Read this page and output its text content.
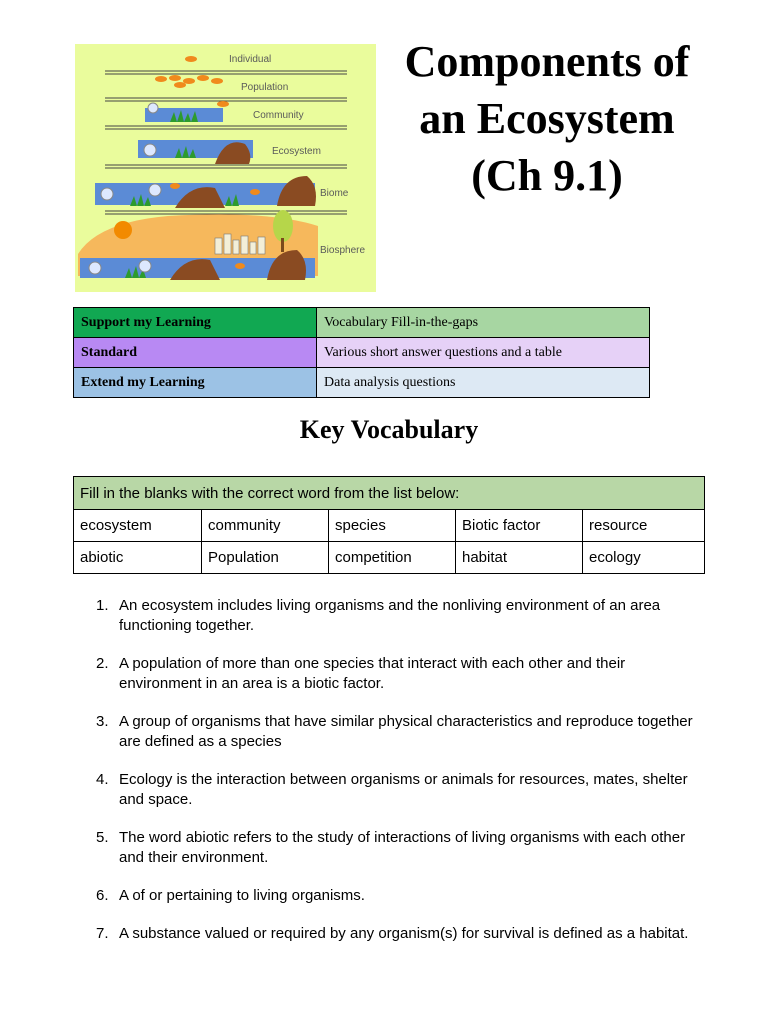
Individual
Population
Community
Ecosystem
Biome
Biosphere
Components of
an Ecosystem
(Ch 9.1)
Support my Learning	Vocabulary Fill-in-the-gaps
Standard	Various short answer questions and a table
Extend my Learning	Data analysis questions
Key Vocabulary
Fill in the blanks with the correct word from the list below:				
ecosystem	community	species	Biotic factor	resource
abiotic	Population	competition	habitat	ecology
1. An ecosystem includes living organisms and the nonliving environment of an area functioning together.
2. A population of more than one species that interact with each other and their environment in an area is a biotic factor.
3. A group of organisms that have similar physical characteristics and reproduce together are defined as a species
4. Ecology is the interaction between organisms or animals for resources, mates, shelter and space.
5. The word abiotic refers to the study of interactions of living organisms with each other and their environment.
6. A of or pertaining to living organisms.
7. A substance valued or required by any organism(s) for survival is defined as a habitat.
